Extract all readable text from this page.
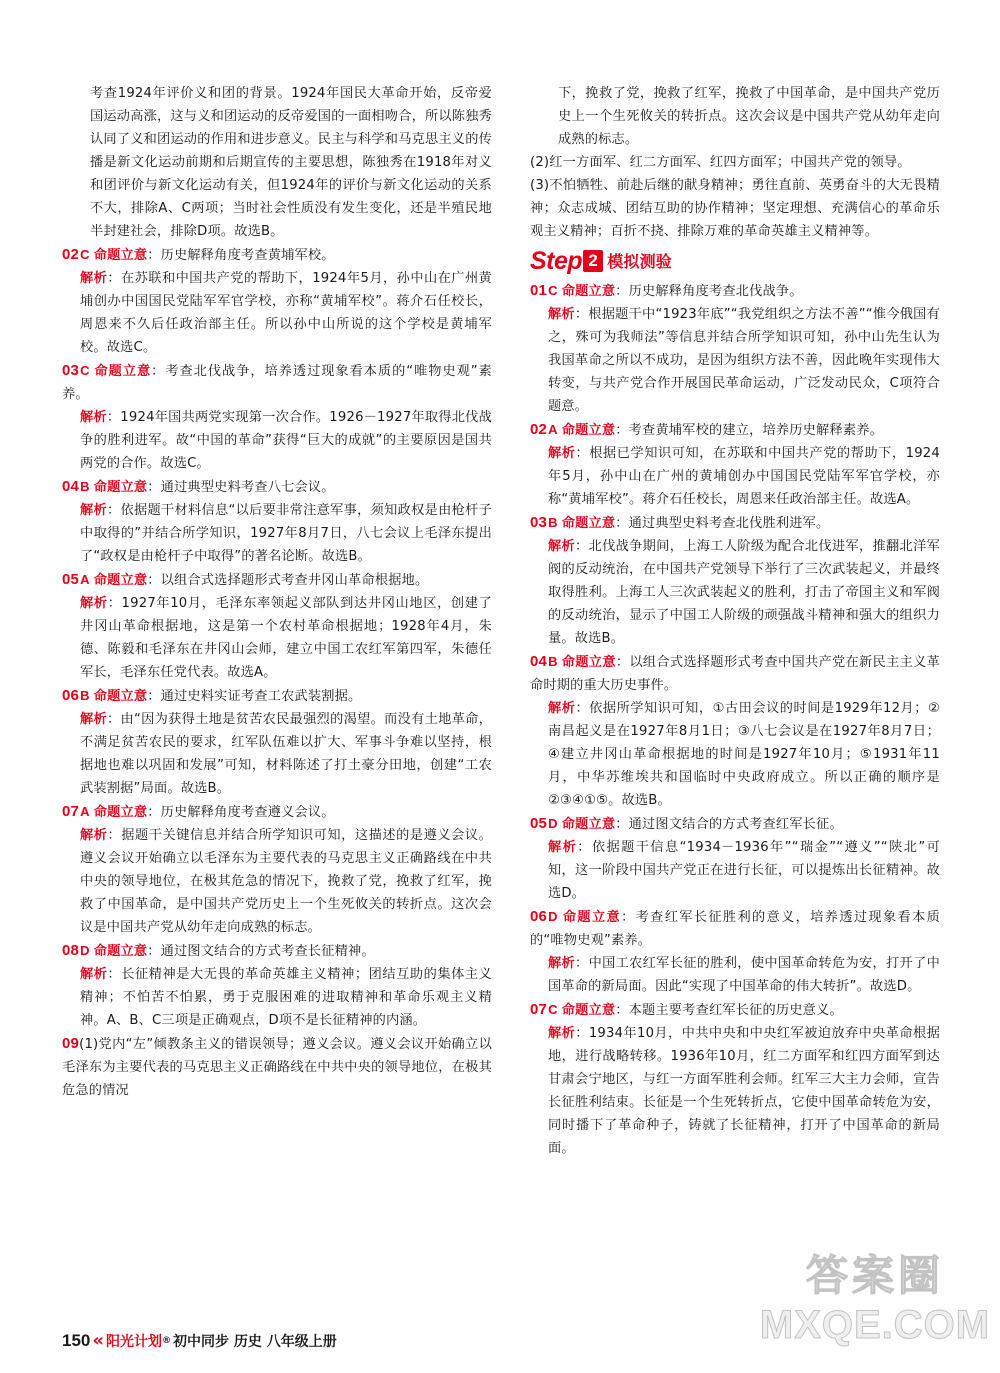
考查1924年评价义和团的背景。1924年国民大革命开始，反帝爱国运动高涨，这与义和团运动的反帝爱国的一面相吻合，所以陈独秀认同了义和团运动的作用和进步意义。民主与科学和马克思主义的传播是新文化运动前期和后期宣传的主要思想，陈独秀在1918年对义和团评价与新文化运动有关，但1924年的评价与新文化运动的关系不大，排除A、C两项；当时社会性质没有发生变化，还是半殖民地半封建社会，排除D项。故选B。

02C 命题立意：历史解释角度考查黄埔军校。

解析：在苏联和中国共产党的帮助下，1924年5月，孙中山在广州黄埔创办中国国民党陆军军官学校，亦称“黄埔军校”。蒋介石任校长，周恩来不久后任政治部主任。所以孙中山所说的这个学校是黄埔军校。故选C。

03C 命题立意：考查北伐战争，培养透过现象看本质的“唯物史观”素养。

解析：1924年国共两党实现第一次合作。1926－1927年取得北伐战争的胜利进军。故“中国的革命”获得“巨大的成就”的主要原因是国共两党的合作。故选C。

04B 命题立意：通过典型史料考查八七会议。

解析：依据题干材料信息“以后要非常注意军事，须知政权是由枪杆子中取得的”并结合所学知识，1927年8月7日，八七会议上毛泽东提出了“政权是由枪杆子中取得”的著名论断。故选B。

05A 命题立意：以组合式选择题形式考查井冈山革命根据地。

解析：1927年10月，毛泽东率领起义部队到达井冈山地区，创建了井冈山革命根据地，这是第一个农村革命根据地；1928年4月，朱德、陈毅和毛泽东在井冈山会师，建立中国工农红军第四军，朱德任军长，毛泽东任党代表。故选A。

06B 命题立意：通过史料实证考查工农武装割据。

解析：由“因为获得土地是贫苦农民最强烈的渴望。而没有土地革命，不满足贫苦农民的要求，红军队伍难以扩大、军事斗争难以坚持，根据地也难以巩固和发展”可知，材料陈述了打土豪分田地，创建“工农武装割据”局面。故选B。

07A 命题立意：历史解释角度考查遵义会议。

解析：据题干关键信息并结合所学知识可知，这描述的是遵义会议。遵义会议开始确立以毛泽东为主要代表的马克思主义正确路线在中共中央的领导地位，在极其危急的情况下，挽救了党，挽救了红军，挽救了中国革命，是中国共产党历史上一个生死攸关的转折点。这次会议是中国共产党从幼年走向成熟的标志。

08D 命题立意：通过图文结合的方式考查长征精神。

解析：长征精神是大无畏的革命英雄主义精神；团结互助的集体主义精神；不怕苦不怕累，勇于克服困难的进取精神和革命乐观主义精神。A、B、C三项是正确观点，D项不是长征精神的内涵。

09(1)党内“左”倾教条主义的错误领导；遵义会议。遵义会议开始确立以毛泽东为主要代表的马克思主义正确路线在中共中央的领导地位，在极其危急的情况

下，挽救了党，挽救了红军，挽救了中国革命，是中国共产党历史上一个生死攸关的转折点。这次会议是中国共产党从幼年走向成熟的标志。

(2)红一方面军、红二方面军、红四方面军；中国共产党的领导。

(3)不怕牺牲、前赴后继的献身精神；勇往直前、英勇奋斗的大无畏精神；众志成城、团结互助的协作精神；坚定理想、充满信心的革命乐观主义精神；百折不挠、排除万难的革命英雄主义精神等。

Step 2 模拟测验

01C 命题立意：历史解释角度考查北伐战争。

解析：根据题干中“1923年底”“我党组织之方法不善”“惟今俄国有之，殊可为我师法”等信息并结合所学知识可知，孙中山先生认为我国革命之所以不成功，是因为组织方法不善，因此晚年实现伟大转变，与共产党合作开展国民革命运动，广泛发动民众，C项符合题意。

02A 命题立意：考查黄埔军校的建立，培养历史解释素养。

解析：根据已学知识可知，在苏联和中国共产党的帮助下，1924年5月，孙中山在广州的黄埔创办中国国民党陆军军官学校，亦称“黄埔军校”。蒋介石任校长，周恩来任政治部主任。故选A。

03B 命题立意：通过典型史料考查北伐胜利进军。

解析：北伐战争期间，上海工人阶级为配合北伐进军，推翻北洋军阀的反动统治，在中国共产党领导下举行了三次武装起义，并最终取得胜利。上海工人三次武装起义的胜利，打击了帝国主义和军阀的反动统治，显示了中国工人阶级的顽强战斗精神和强大的组织力量。故选B。

04B 命题立意：以组合式选择题形式考查中国共产党在新民主主义革命时期的重大历史事件。

解析：依据所学知识可知，①古田会议的时间是1929年12月；②南昌起义是在1927年8月1日；③八七会议是在1927年8月7日；④建立井冈山革命根据地的时间是1927年10月；⑤1931年11月，中华苏维埃共和国临时中央政府成立。所以正确的顺序是②③④①⑤。故选B。

05D 命题立意：通过图文结合的方式考查红军长征。

解析：依据题干信息“1934－1936年”“瑞金”“遵义”“陕北”可知，这一阶段中国共产党正在进行长征，可以提炼出长征精神。故选D。

06D 命题立意：考查红军长征胜利的意义，培养透过现象看本质的“唯物史观”素养。

解析：中国工农红军长征的胜利，使中国革命转危为安，打开了中国革命的新局面。因此“实现了中国革命的伟大转折”。故选D。

07C 命题立意：本题主要考查红军长征的历史意义。

解析：1934年10月，中共中央和中央红军被迫放弃中央革命根据地，进行战略转移。1936年10月，红二方面军和红四方面军到达甘肃会宁地区，与红一方面军胜利会师。红军三大主力会师，宣告长征胜利结束。长征是一个生死转折点，它使中国革命转危为安，同时播下了革命种子，铸就了长征精神，打开了中国革命的新局面。

150 « 阳光计划 ® 初中同步 历史 八年级上册
答案圈
MXQE.COM
